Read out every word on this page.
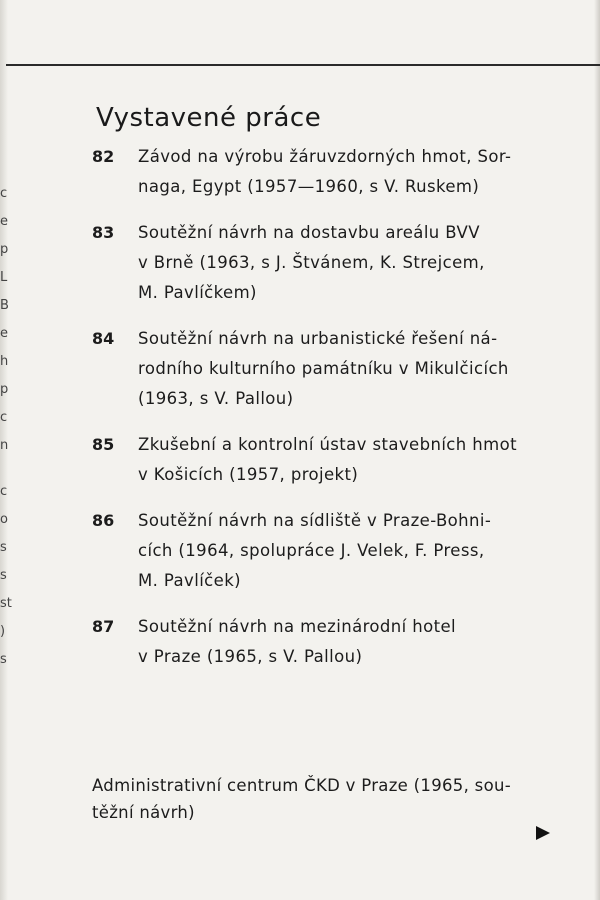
c
e
p
L
B
e
h
p
c
n
c
o
s
s
st
)
s
Vystavené práce
82	Závod na výrobu žáruvzdorných hmot, Sor-
naga, Egypt (1957—1960, s V. Ruskem)
83	Soutěžní návrh na dostavbu areálu BVV
v Brně (1963, s J. Štvánem, K. Strejcem,
M. Pavlíčkem)
84	Soutěžní návrh na urbanistické řešení ná-
rodního kulturního památníku v Mikulčicích
(1963, s V. Pallou)
85	Zkušební a kontrolní ústav stavebních hmot
v Košicích (1957, projekt)
86	Soutěžní návrh na sídliště v Praze-Bohni-
cích (1964, spolupráce J. Velek, F. Press,
M. Pavlíček)
87	Soutěžní návrh na mezinárodní hotel
v Praze (1965, s V. Pallou)
Administrativní centrum ČKD v Praze (1965, sou-
těžní návrh)
